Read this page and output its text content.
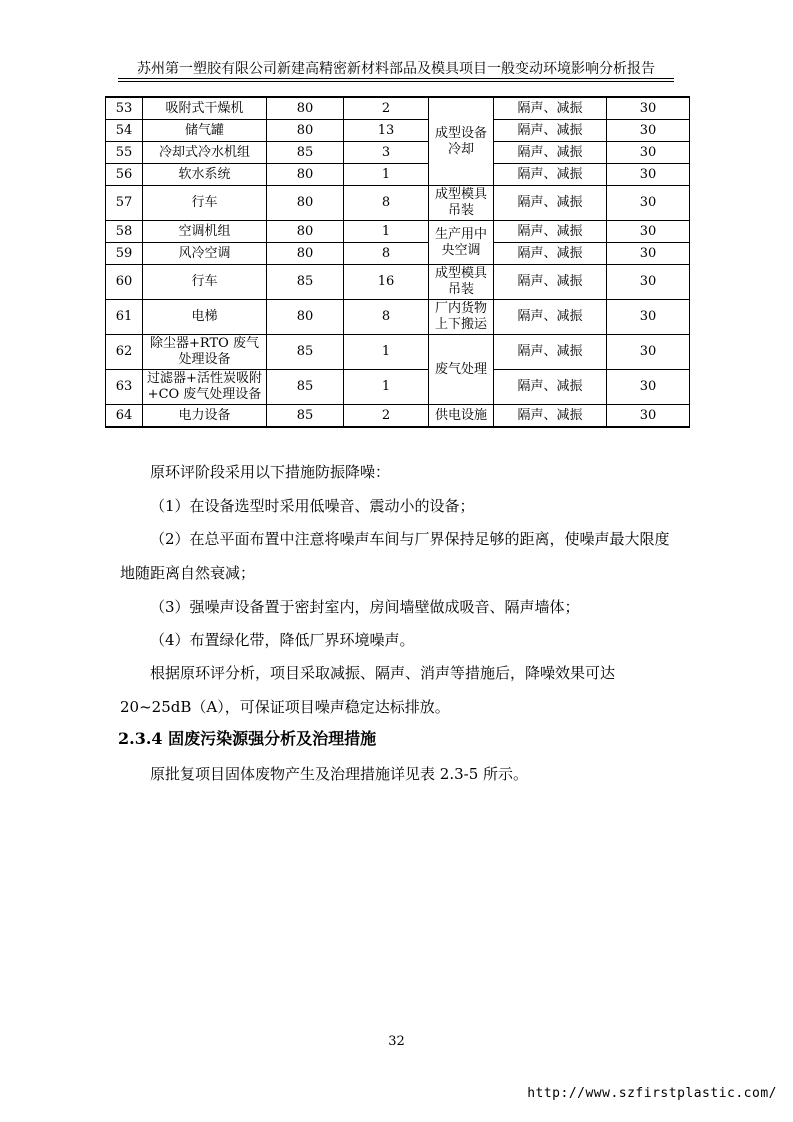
苏州第一塑胶有限公司新建高精密新材料部品及模具项目一般变动环境影响分析报告
53	吸附式干燥机	80	2	成型设备冷却	隔声、减振	30
54	储气罐	80	13		隔声、减振	30
55	冷却式冷水机组	85	3		隔声、减振	30
56	软水系统	80	1		隔声、减振	30
57	行车	80	8	成型模具吊装	隔声、减振	30
58	空调机组	80	1	生产用中央空调	隔声、减振	30
59	风冷空调	80	8		隔声、减振	30
60	行车	85	16	成型模具吊装	隔声、减振	30
61	电梯	80	8	厂内货物上下搬运	隔声、减振	30
62	除尘器+RTO 废气处理设备	85	1	废气处理	隔声、减振	30
63	过滤器+活性炭吸附+CO 废气处理设备	85	1		隔声、减振	30
64	电力设备	85	2	供电设施	隔声、减振	30
原环评阶段采用以下措施防振降噪：
（1）在设备选型时采用低噪音、震动小的设备；
（2）在总平面布置中注意将噪声车间与厂界保持足够的距离，使噪声最大限度地随距离自然衰减；
（3）强噪声设备置于密封室内，房间墙壁做成吸音、隔声墙体；
（4）布置绿化带，降低厂界环境噪声。
根据原环评分析，项目采取减振、隔声、消声等措施后，降噪效果可达20~25dB（A），可保证项目噪声稳定达标排放。
2.3.4 固废污染源强分析及治理措施
原批复项目固体废物产生及治理措施详见表 2.3-5 所示。
32
http://www.szfirstplastic.com/
